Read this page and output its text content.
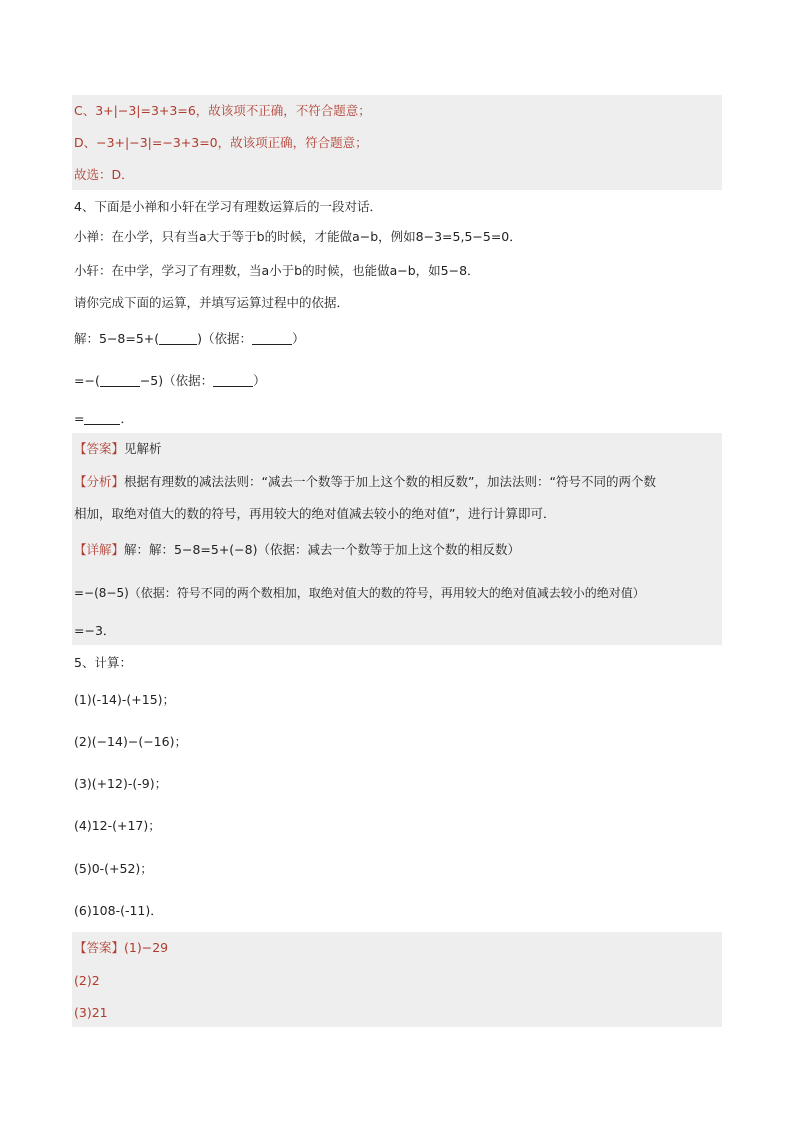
C、3+|−3|=3+3=6，故该项不正确，不符合题意；
D、−3+|−3|=−3+3=0，故该项正确，符合题意；
故选：D．
4、下面是小禅和小轩在学习有理数运算后的一段对话．
小禅：在小学，只有当a大于等于b的时候，才能做a−b，例如8−3=5,5−5=0．
小轩：在中学，学习了有理数，当a小于b的时候，也能做a−b，如5−8．
请你完成下面的运算，并填写运算过程中的依据．
解：5−8=5+(	)（依据：	）
=−(	−5)（依据：	）
=	．
【答案】见解析
【分析】根据有理数的减法法则：“减去一个数等于加上这个数的相反数”，加法法则：“符号不同的两个数
相加，取绝对值大的数的符号，再用较大的绝对值减去较小的绝对值”，进行计算即可．
【详解】解：解：5−8=5+(−8)（依据：减去一个数等于加上这个数的相反数）
=−(8−5)（依据：符号不同的两个数相加，取绝对值大的数的符号，再用较大的绝对值减去较小的绝对值）
=−3．
5、计算：
(1)(-14)-(+15)；
(2)(−14)−(−16)；
(3)(+12)-(-9)；
(4)12-(+17)；
(5)0-(+52)；
(6)108-(-11)．
【答案】(1)−29
(2)2
(3)21
